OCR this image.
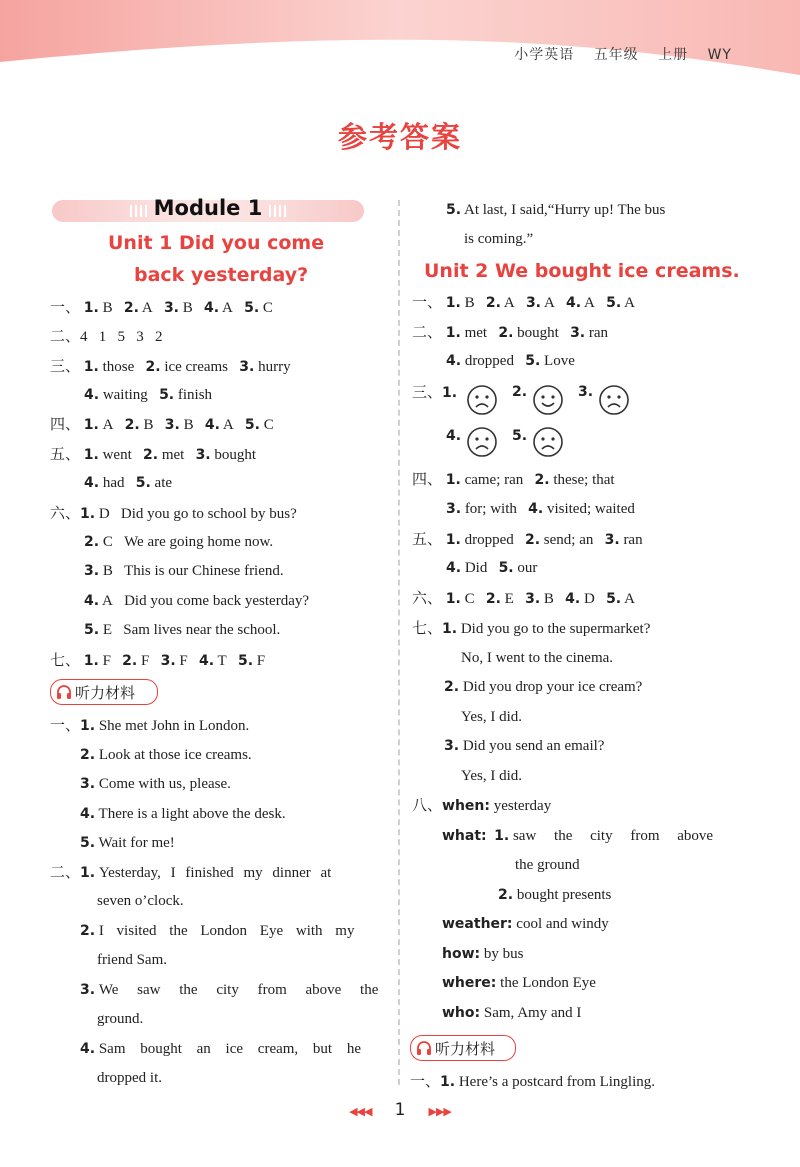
小学英语 五年级 上册 WY
参考答案
Module 1
Unit 1 Did you come
back yesterday?
一、 1. B 2. A 3. B 4. A 5. C
二、4   1   5   3   2
三、 1. those 2. ice creams 3. hurry
4. waiting 5. finish
四、 1. A 2. B 3. B 4. A 5. C
五、 1. went 2. met 3. bought
4. had 5. ate
六、1. D Did you go to school by bus?
2. C We are going home now.
3. B This is our Chinese friend.
4. A Did you come back yesterday?
5. E Sam lives near the school.
七、 1. F 2. F 3. F 4. T 5. F
听力材料
一、1. She met John in London.
2. Look at those ice creams.
3. Come with us, please.
4. There is a light above the desk.
5. Wait for me!
二、1. Yesterday, I finished my dinner at
seven o’clock.
2. I visited the London Eye with my
friend Sam.
3. We saw the city from above the
ground.
4. Sam bought an ice cream, but he
dropped it.
5. At last, I said,“Hurry up! The bus
is coming.”
Unit 2 We bought ice creams.
一、 1. B 2. A 3. A 4. A 5. A
二、 1. met 2. bought 3. ran
4. dropped 5. Love
三、1.	2.	3.
4.	5.
四、 1. came; ran 2. these; that
3. for; with 4. visited; waited
五、 1. dropped 2. send; an 3. ran
4. Did 5. our
六、 1. C 2. E 3. B 4. D 5. A
七、1. Did you go to the supermarket?
No, I went to the cinema.
2. Did you drop your ice cream?
Yes, I did.
3. Did you send an email?
Yes, I did.
八、when: yesterday
what: 1. saw the city from above
the ground
2. bought presents
weather: cool and windy
how: by bus
where: the London Eye
who: Sam, Amy and I
听力材料
一、1. Here’s a postcard from Lingling.
◀◀◀ 1 ▶▶▶
